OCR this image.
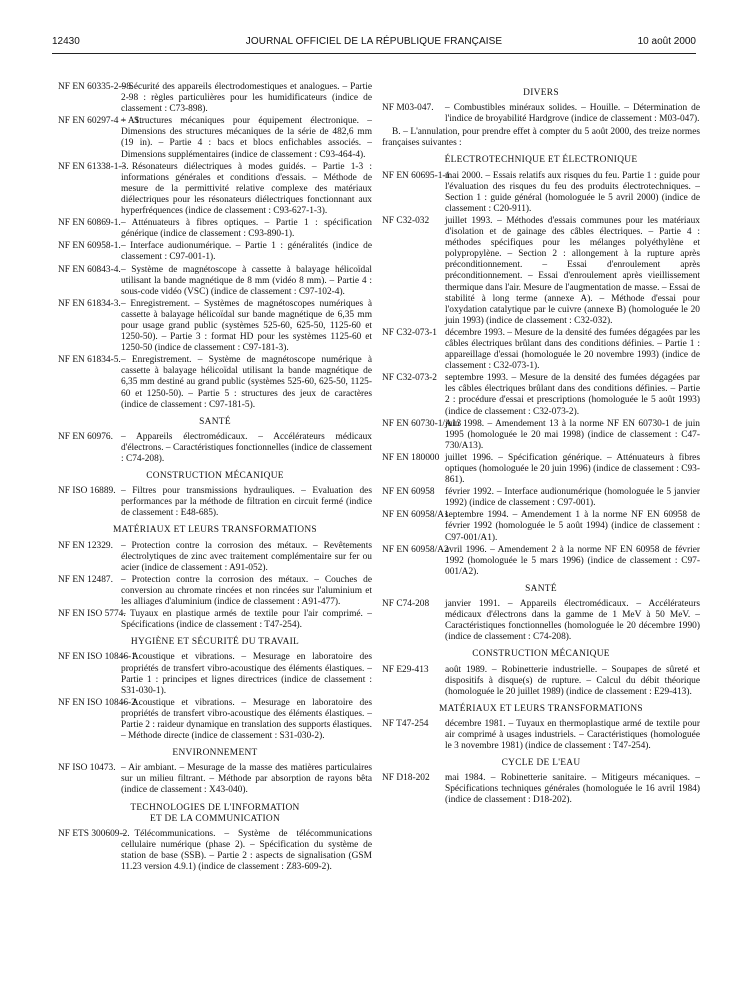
12430	JOURNAL OFFICIEL DE LA RÉPUBLIQUE FRANÇAISE	10 août 2000
NF EN 60335-2-98.
– Sécurité des appareils électrodomestiques et analogues. – Partie 2-98 : règles particulières pour les humidificateurs (indice de classement : C73-898).
NF EN 60297-4 + A1.
– Structures mécaniques pour équipement électronique. – Dimensions des structures mécaniques de la série de 482,6 mm (19 in). – Partie 4 : bacs et blocs enfichables associés. – Dimensions supplémentaires (indice de classement : C93-464-4).
NF EN 61338-1-3.
– Résonateurs diélectriques à modes guidés. – Partie 1-3 : informations générales et conditions d'essais. – Méthode de mesure de la permittivité relative complexe des matériaux diélectriques pour les résonateurs diélectriques fonctionnant aux hyperfréquences (indice de classement : C93-627-1-3).
NF EN 60869-1. – Atténuateurs à fibres optiques. – Partie 1 : spécification générique (indice de classement : C93-890-1).
NF EN 60958-1. – Interface audionumérique. – Partie 1 : généralités (indice de classement : C97-001-1).
NF EN 60843-4. – Système de magnétoscope à cassette à balayage hélicoïdal utilisant la bande magnétique de 8 mm (vidéo 8 mm). – Partie 4 : sous-code vidéo (VSC) (indice de classement : C97-102-4).
NF EN 61834-3. – Enregistrement. – Systèmes de magnétoscopes numériques à cassette à balayage hélicoïdal sur bande magnétique de 6,35 mm pour usage grand public (systèmes 525-60, 625-50, 1125-60 et 1250-50). – Partie 3 : format HD pour les systèmes 1125-60 et 1250-50 (indice de classement : C97-181-3).
NF EN 61834-5. – Enregistrement. – Système de magnétoscope numérique à cassette à balayage hélicoïdal utilisant la bande magnétique de 6,35 mm destiné au grand public (systèmes 525-60, 625-50, 1125-60 et 1250-50). – Partie 5 : structures des jeux de caractères (indice de classement : C97-181-5).
SANTÉ
NF EN 60976. – Appareils électromédicaux. – Accélérateurs médicaux d'électrons. – Caractéristiques fonctionnelles (indice de classement : C74-208).
CONSTRUCTION MÉCANIQUE
NF ISO 16889. – Filtres pour transmissions hydrauliques. – Evaluation des performances par la méthode de filtration en circuit fermé (indice de classement : E48-685).
MATÉRIAUX ET LEURS TRANSFORMATIONS
NF EN 12329. – Protection contre la corrosion des métaux. – Revêtements électrolytiques de zinc avec traitement complémentaire sur fer ou acier (indice de classement : A91-052).
NF EN 12487. – Protection contre la corrosion des métaux. – Couches de conversion au chromate rincées et non rincées sur l'aluminium et les alliages d'aluminium (indice de classement : A91-477).
NF EN ISO 5774.
– Tuyaux en plastique armés de textile pour l'air comprimé. – Spécifications (indice de classement : T47-254).
HYGIÈNE ET SÉCURITÉ DU TRAVAIL
NF EN ISO 10846-1.
– Acoustique et vibrations. – Mesurage en laboratoire des propriétés de transfert vibro-acoustique des éléments élastiques. – Partie 1 : principes et lignes directrices (indice de classement : S31-030-1).
NF EN ISO 10846-2.
– Acoustique et vibrations. – Mesurage en laboratoire des propriétés de transfert vibro-acoustique des éléments élastiques. – Partie 2 : raideur dynamique en translation des supports élastiques. – Méthode directe (indice de classement : S31-030-2).
ENVIRONNEMENT
NF ISO 10473. – Air ambiant. – Mesurage de la masse des matières particulaires sur un milieu filtrant. – Méthode par absorption de rayons bêta (indice de classement : X43-040).
TECHNOLOGIES DE L'INFORMATION
ET DE LA COMMUNICATION
NF ETS 300609-2.
– Télécommunications. – Système de télécommunications cellulaire numérique (phase 2). – Spécification du système de station de base (SSB). – Partie 2 : aspects de signalisation (GSM 11.23 version 4.9.1) (indice de classement : Z83-609-2).
DIVERS
NF M03-047. – Combustibles minéraux solides. – Houille. – Détermination de l'indice de broyabilité Hardgrove (indice de classement : M03-047).
B. – L'annulation, pour prendre effet à compter du 5 août 2000, des treize normes françaises suivantes :
ÉLECTROTECHNIQUE ET ÉLECTRONIQUE
NF EN 60695-1-1
mai 2000. – Essais relatifs aux risques du feu. Partie 1 : guide pour l'évaluation des risques du feu des produits électrotechniques. – Section 1 : guide général (homologuée le 5 avril 2000) (indice de classement : C20-911).
NF C32-032 juillet 1993. – Méthodes d'essais communes pour les matériaux d'isolation et de gainage des câbles électriques. – Partie 4 : méthodes spécifiques pour les mélanges polyéthylène et polypropylène. – Section 2 : allongement à la rupture après préconditionnement. – Essai d'enroulement après préconditionnement. – Essai d'enroulement après vieillissement thermique dans l'air. Mesure de l'augmentation de masse. – Essai de stabilité à long terme (annexe A). – Méthode d'essai pour l'oxydation catalytique par le cuivre (annexe B) (homologuée le 20 juin 1993) (indice de classement : C32-032).
NF C32-073-1 décembre 1993. – Mesure de la densité des fumées dégagées par les câbles électriques brûlant dans des conditions définies. – Partie 1 : appareillage d'essai (homologuée le 20 novembre 1993) (indice de classement : C32-073-1).
NF C32-073-2 septembre 1993. – Mesure de la densité des fumées dégagées par les câbles électriques brûlant dans des conditions définies. – Partie 2 : procédure d'essai et prescriptions (homologuée le 5 août 1993) (indice de classement : C32-073-2).
NF EN 60730-1/A13
juin 1998. – Amendement 13 à la norme NF EN 60730-1 de juin 1995 (homologuée le 20 mai 1998) (indice de classement : C47-730/A13).
NF EN 180000 juillet 1996. – Spécification générique. – Atténuateurs à fibres optiques (homologuée le 20 juin 1996) (indice de classement : C93-861).
NF EN 60958 février 1992. – Interface audionumérique (homologuée le 5 janvier 1992) (indice de classement : C97-001).
NF EN 60958/A1
septembre 1994. – Amendement 1 à la norme NF EN 60958 de février 1992 (homologuée le 5 août 1994) (indice de classement : C97-001/A1).
NF EN 60958/A2
avril 1996. – Amendement 2 à la norme NF EN 60958 de février 1992 (homologuée le 5 mars 1996) (indice de classement : C97-001/A2).
SANTÉ
NF C74-208 janvier 1991. – Appareils électromédicaux. – Accélérateurs médicaux d'électrons dans la gamme de 1 MeV à 50 MeV. – Caractéristiques fonctionnelles (homologuée le 20 décembre 1990) (indice de classement : C74-208).
CONSTRUCTION MÉCANIQUE
NF E29-413 août 1989. – Robinetterie industrielle. – Soupapes de sûreté et dispositifs à disque(s) de rupture. – Calcul du débit théorique (homologuée le 20 juillet 1989) (indice de classement : E29-413).
MATÉRIAUX ET LEURS TRANSFORMATIONS
NF T47-254 décembre 1981. – Tuyaux en thermoplastique armé de textile pour air comprimé à usages industriels. – Caractéristiques (homologuée le 3 novembre 1981) (indice de classement : T47-254).
CYCLE DE L'EAU
NF D18-202 mai 1984. – Robinetterie sanitaire. – Mitigeurs mécaniques. – Spécifications techniques générales (homologuée le 16 avril 1984) (indice de classement : D18-202).
